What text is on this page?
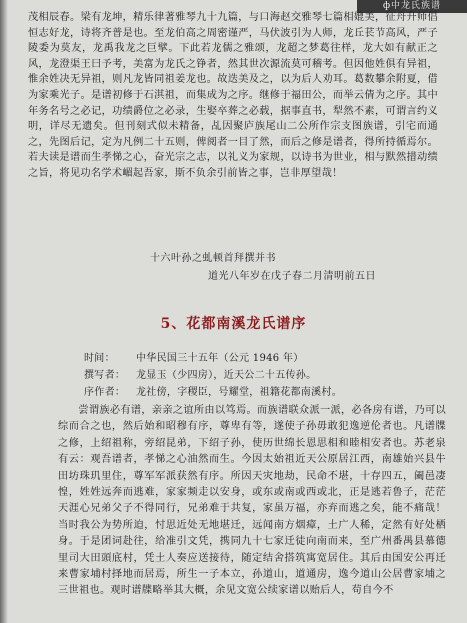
ф中龙氏族谱
茂相辰春。梁有龙坤，精乐律著雅琴九十九篇，与口海赵交雅琴七篇相媲美，征舟升师倡恒志好龙，诗将齐普是也。至龙伯高之周密谨严，马伏波引为人师，龙丘苌节高风，严子陵委为莫友，龙禹我龙之巨擘。下此若龙儒之雅颂，龙超之梦葛往样，龙大如有献正之风，龙澄渠王曰予考，美富为龙氏之铮者，然其世次源流莫可稽考。但因他姓俱有异祖，惟余姓决无异祖，则凡龙皆同祖姜龙也。故迭美及之，以为后人劝耳。葛数攀余附夏，借为家乘光子。是谱初修于石淇祖，而集成为之序。继修于福田公，而举云倩为之序。其中年务名号之必记，功绩爵位之必录，生娶卒葬之必载，据事直书，犁然不素，可谓言约义明，详尽无遗矣。但刊刻式似未精备，乩因聚庐族尾山二公所作宗支图族谱，引宅而通之，先图后记，定为凡例二十五则，俾阅者一目了然，而后之修是谱者，得所持循焉尔。若夫读是谱而生孝悌之心，奋光宗之志，以礼义为家规，以诗书为世业，相与默然措动绩之旨，将见功名学术嵋起吾家，斯不负余引前皆之事，岂非厚望哉！
十六叶孙之虬顿首拜撰并书
道光八年岁在戊子春二月清明前五日
5、花都南溪龙氏谱序
时间： 中华民国三十五年（公元 1946 年）
撰写者： 龙显玉（少四房），近天公二十五传孙。
序作者： 龙社傍，字稷臣，号耀堂，祖籍花都南溪村。

尝谓族必有谱，亲亲之谊所由以笃焉。而族谱联众派一派，必各房有谱，乃可以综而合之也，然后始和昭穆有序，尊卑有等，遂使子孙毋敢犯逸逆伦者也。凡谱牒之修，上绍祖称，旁绍昆弟，下绍子孙，使历世绵长恩思相和睦相安者也。苏老泉有云：观吾谱者，孝悌之心油然而生。今因太始祖近天公原居江西，南雄始兴县牛田坊珠玑里住，尊军军派获然有序。所因天灾地劫，民命不堪，十存四五，阖邑凄惶，姓姓远奔而逃难，家家频走以安身，或东或南或西或北，正是逃若鲁子，茫茫天涯心兄弟父子不得同行，兄弟难于共复，家虽万福，亦弃而逃之矣，能不痛哉！当时我公为势所迫，忖思近处无地堪迁，远闻南方烟瘴，土广人稀，定然有好处栖身。于是团词赴往，给准引文凭，携同九十七家迁徒向南而来，至广州番禺县慕德里司大田頭底村，凭土人奏应送接待，随定结舍搭筑寓宽居住。其后由国安公再迁来曹家埔村择地而居焉，所生一子本立，孙道山，道通房，逸今道山公居曹家埔之三世祖也。观时谱牒略举其大概，余见文宽公续家谱以贻后人，茍自今不
